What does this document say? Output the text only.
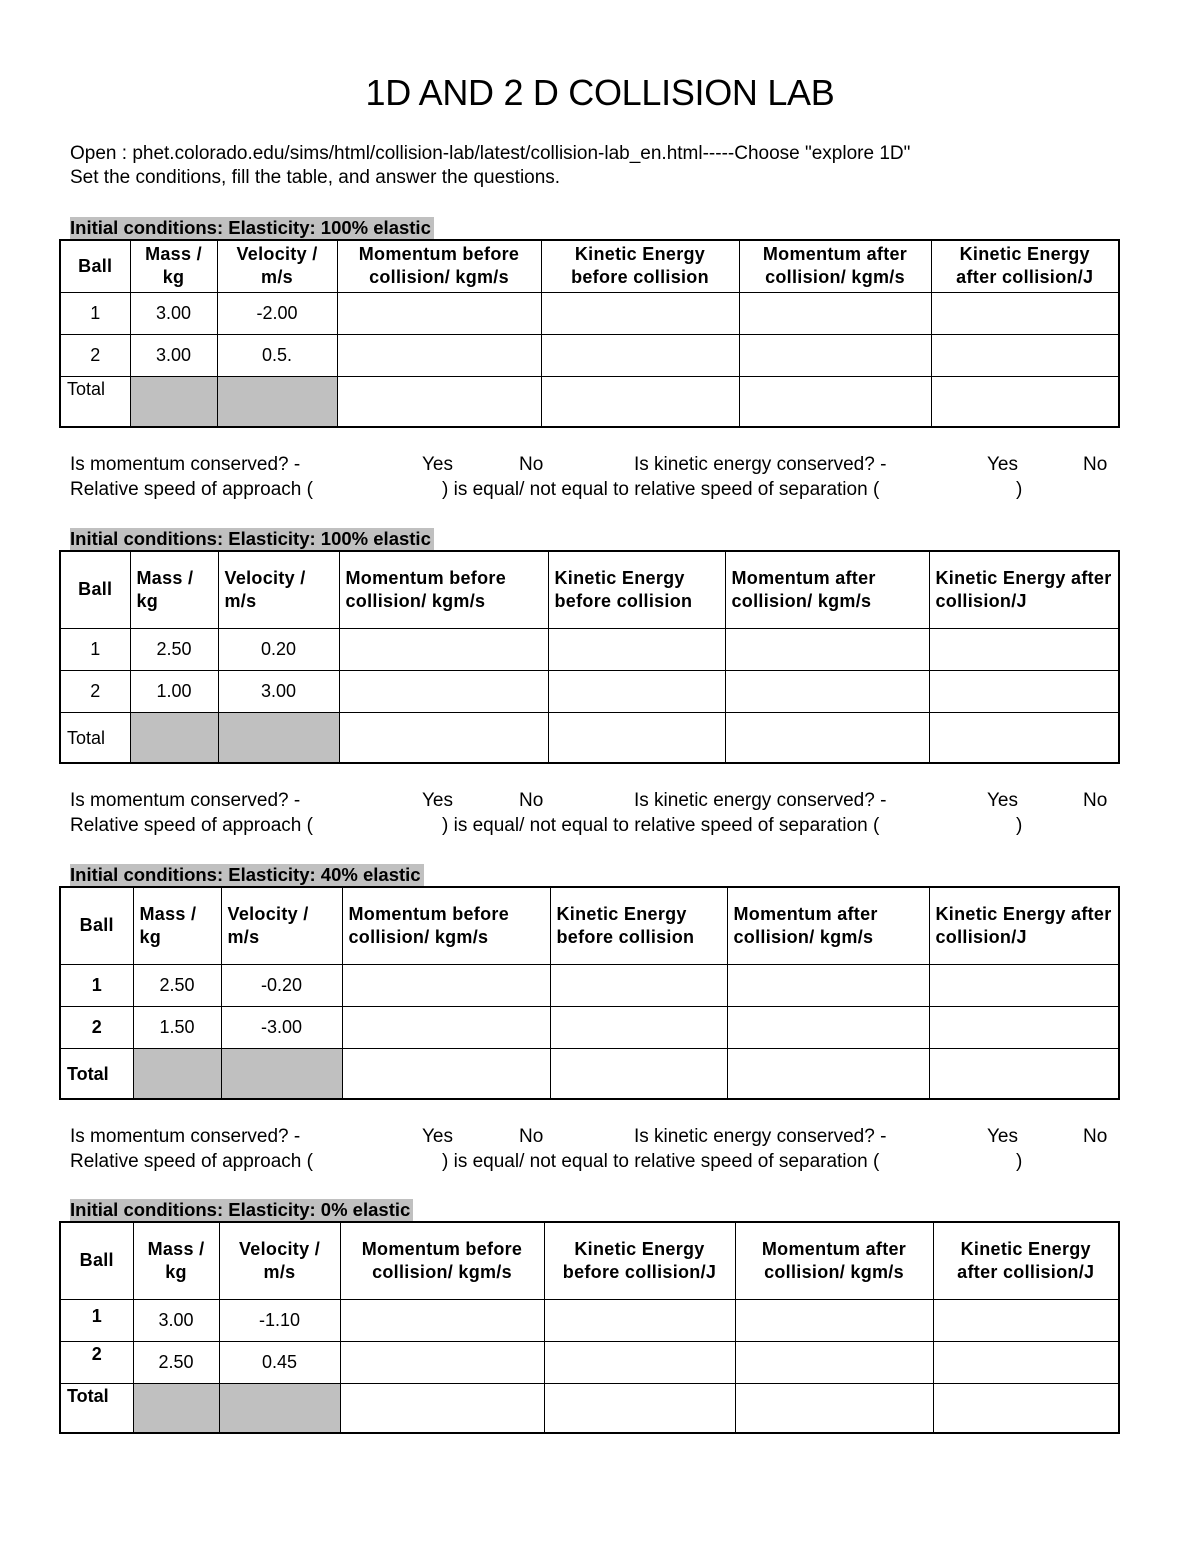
1D AND 2 D COLLISION LAB
Open : phet.colorado.edu/sims/html/collision-lab/latest/collision-lab_en.html-----Choose "explore 1D"
Set the conditions, fill the table, and answer the questions.
Initial conditions: Elasticity: 100% elastic
Ball	Mass / kg	Velocity / m/s	Momentum before collision/ kgm/s	Kinetic Energy before collision	Momentum after collision/ kgm/s	Kinetic Energy after collision/J
1	3.00	-2.00				
2	3.00	0.5.				
Total						
Is momentum conserved? -	Yes	No	Is kinetic energy conserved? -	Yes	No
Relative speed of approach (	) is equal/ not equal to relative speed of separation (	)
Initial conditions: Elasticity: 100% elastic
Ball	Mass / kg	Velocity / m/s	Momentum before collision/ kgm/s	Kinetic Energy before collision	Momentum after collision/ kgm/s	Kinetic Energy after collision/J
1	2.50	0.20				
2	1.00	3.00				
Total						
Is momentum conserved? -	Yes	No	Is kinetic energy conserved? -	Yes	No
Relative speed of approach (	) is equal/ not equal to relative speed of separation (	)
Initial conditions: Elasticity: 40% elastic
Ball	Mass / kg	Velocity / m/s	Momentum before collision/ kgm/s	Kinetic Energy before collision	Momentum after collision/ kgm/s	Kinetic Energy after collision/J
1	2.50	-0.20				
2	1.50	-3.00				
Total						
Is momentum conserved? -	Yes	No	Is kinetic energy conserved? -	Yes	No
Relative speed of approach (	) is equal/ not equal to relative speed of separation (	)
Initial conditions: Elasticity: 0% elastic
Ball	Mass / kg	Velocity / m/s	Momentum before collision/ kgm/s	Kinetic Energy before collision/J	Momentum after collision/ kgm/s	Kinetic Energy after collision/J
1	3.00	-1.10				
2	2.50	0.45				
Total						
